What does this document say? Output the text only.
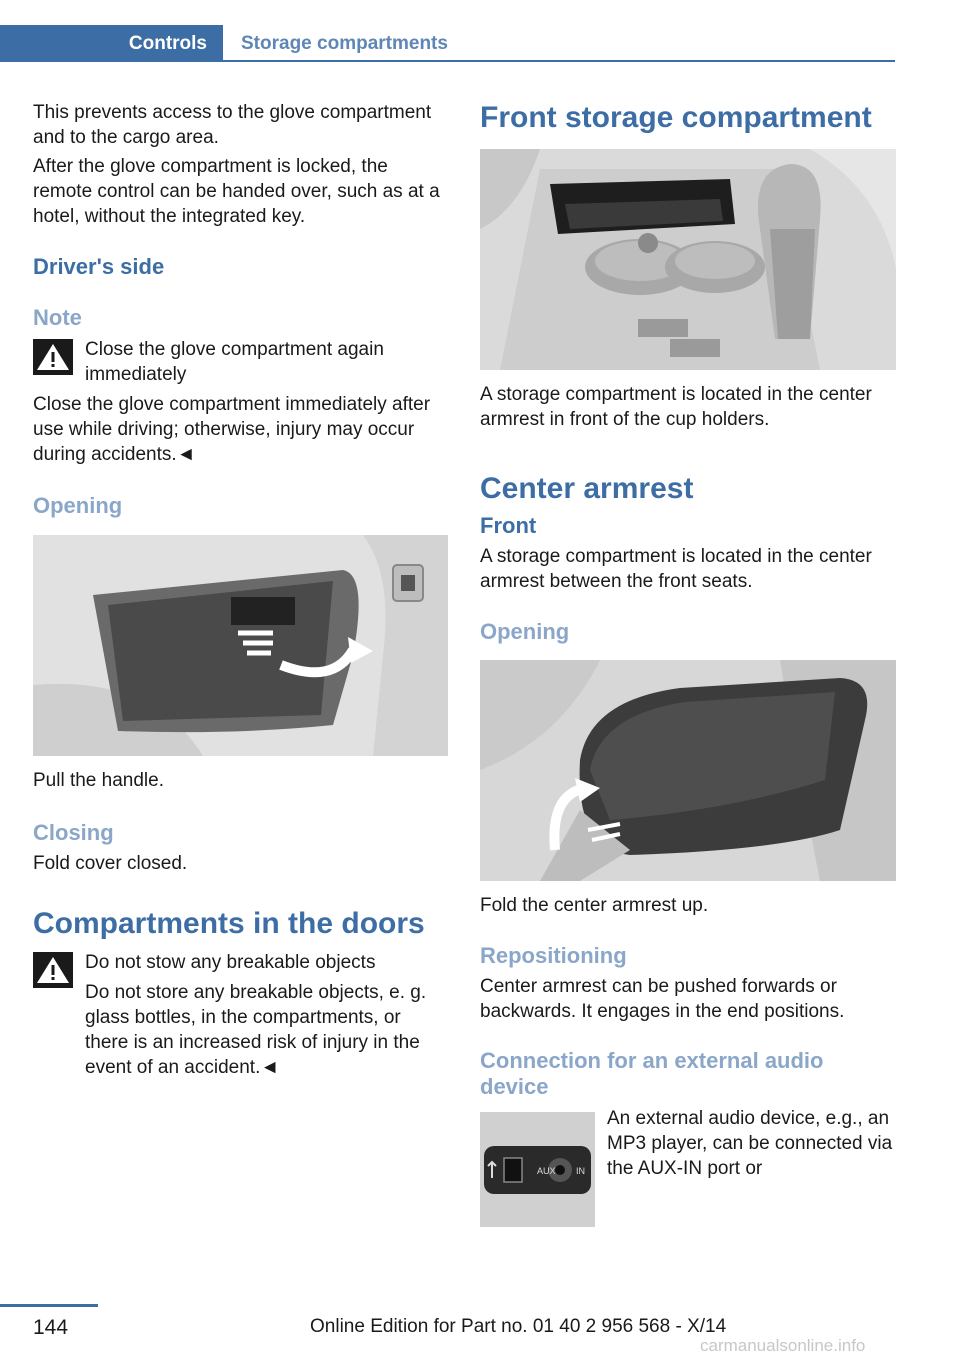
Controls	Storage compartments

This prevents access to the glove compartment and to the cargo area.

After the glove compartment is locked, the remote control can be handed over, such as at a hotel, without the integrated key.

Driver's side
Note

Close the glove compartment again immediately

Close the glove compartment immediately after use while driving; otherwise, injury may occur during accidents.◄

Opening

Pull the handle.

Closing

Fold cover closed.

Compartments in the doors

Do not stow any breakable objects

Do not store any breakable objects, e. g. glass bottles, in the compartments, or there is an increased risk of injury in the event of an accident.◄

Front storage compartment

A storage compartment is located in the center armrest in front of the cup holders.

Center armrest
Front

A storage compartment is located in the center armrest between the front seats.

Opening

Fold the center armrest up.

Repositioning

Center armrest can be pushed forwards or backwards. It engages in the end positions.

Connection for an external audio device
AUX IN

An external audio device, e.g., an MP3 player, can be connected via the AUX-IN port or

144	Online Edition for Part no. 01 40 2 956 568 - X/14
carmanualsonline.info
